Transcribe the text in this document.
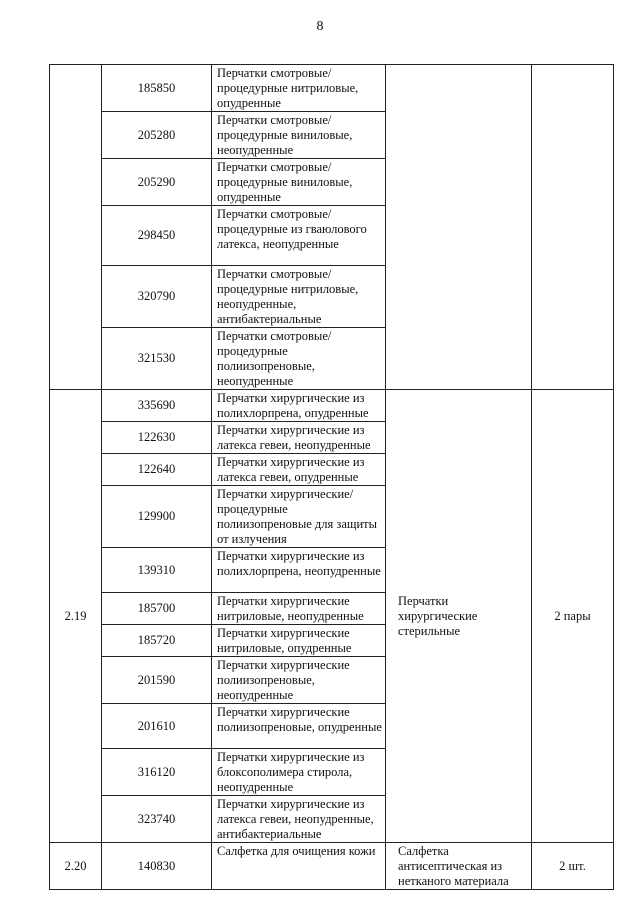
8
	185850	Перчатки смотровые/процедурные нитриловые, опудренные		
	205280	Перчатки смотровые/процедурные виниловые, неопудренные		
	205290	Перчатки смотровые/процедурные виниловые, опудренные		
	298450	Перчатки смотровые/процедурные из гваюлового латекса, неопудренные		
	320790	Перчатки смотровые/процедурные нитриловые, неопудренные, антибактериальные		
	321530	Перчатки смотровые/процедурные полиизопреновые, неопудренные		
2.19	335690	Перчатки хирургические из полихлорпрена, опудренные	Перчатки хирургические стерильные	2 пары
	122630	Перчатки хирургические из латекса гевеи, неопудренные		
	122640	Перчатки хирургические из латекса гевеи, опудренные		
	129900	Перчатки хирургические/процедурные полиизопреновые для защиты от излучения		
	139310	Перчатки хирургические из полихлорпрена, неопудренные		
	185700	Перчатки хирургические нитриловые, неопудренные		
	185720	Перчатки хирургические нитриловые, опудренные		
	201590	Перчатки хирургические полиизопреновые, неопудренные		
	201610	Перчатки хирургические полиизопреновые, опудренные		
	316120	Перчатки хирургические из блоксополимера стирола, неопудренные		
	323740	Перчатки хирургические из латекса гевеи, неопудренные, антибактериальные		
2.20	140830	Салфетка для очищения кожи	Салфетка антисептическая из нетканого материала	2 шт.
